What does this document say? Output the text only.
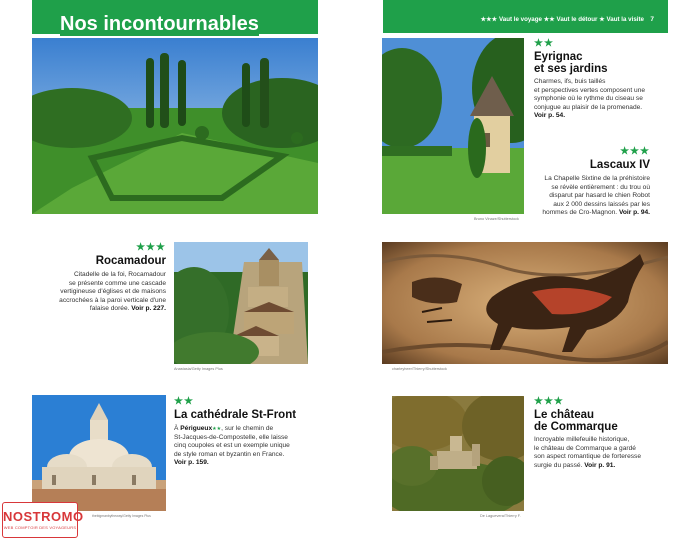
Nos incontournables	★★★ Vaut le voyage ★★ Vaut le détour ★ Vaut la visite 7
Bruno Vinaze/Shutterstock
★★
Eyrignac
et ses jardins
Charmes, ifs, buis taillés
et perspectives vertes composent une
symphonie où le rythme du ciseau se
conjugue au plaisir de la promenade.
Voir p. 54.
★★★
Lascaux IV
La Chapelle Sixtine de la préhistoire
se révèle entièrement : du trou où
disparut par hasard le chien Robot
aux 2 000 dessins laissés par les
hommes de Cro-Magnon. Voir p. 94.
★★★
Rocamadour
Citadelle de la foi, Rocamadour
se présente comme une cascade
vertigineuse d'églises et de maisons
accrochées à la paroi verticale d'une
falaise dorée. Voir p. 227.
Anastasia/Getty Images Plus	charleyheer/Thierry/Shutterstock
thebigmanbytheway/Getty Images Plus
★★
La cathédrale St-Front
À Périgueux★★, sur le chemin de
St-Jacques-de-Compostelle, elle laisse
cinq coupoles et est un exemple unique
de style roman et byzantin en France.
Voir p. 159.
De Laguevera/Thierry F.
★★★
Le château
de Commarque
Incroyable millefeuille historique,
le château de Commarque a gardé
son aspect romantique de forteresse
surgie du passé. Voir p. 91.
NOSTROMO
WEB COMPTOIR DES VOYAGEURS
